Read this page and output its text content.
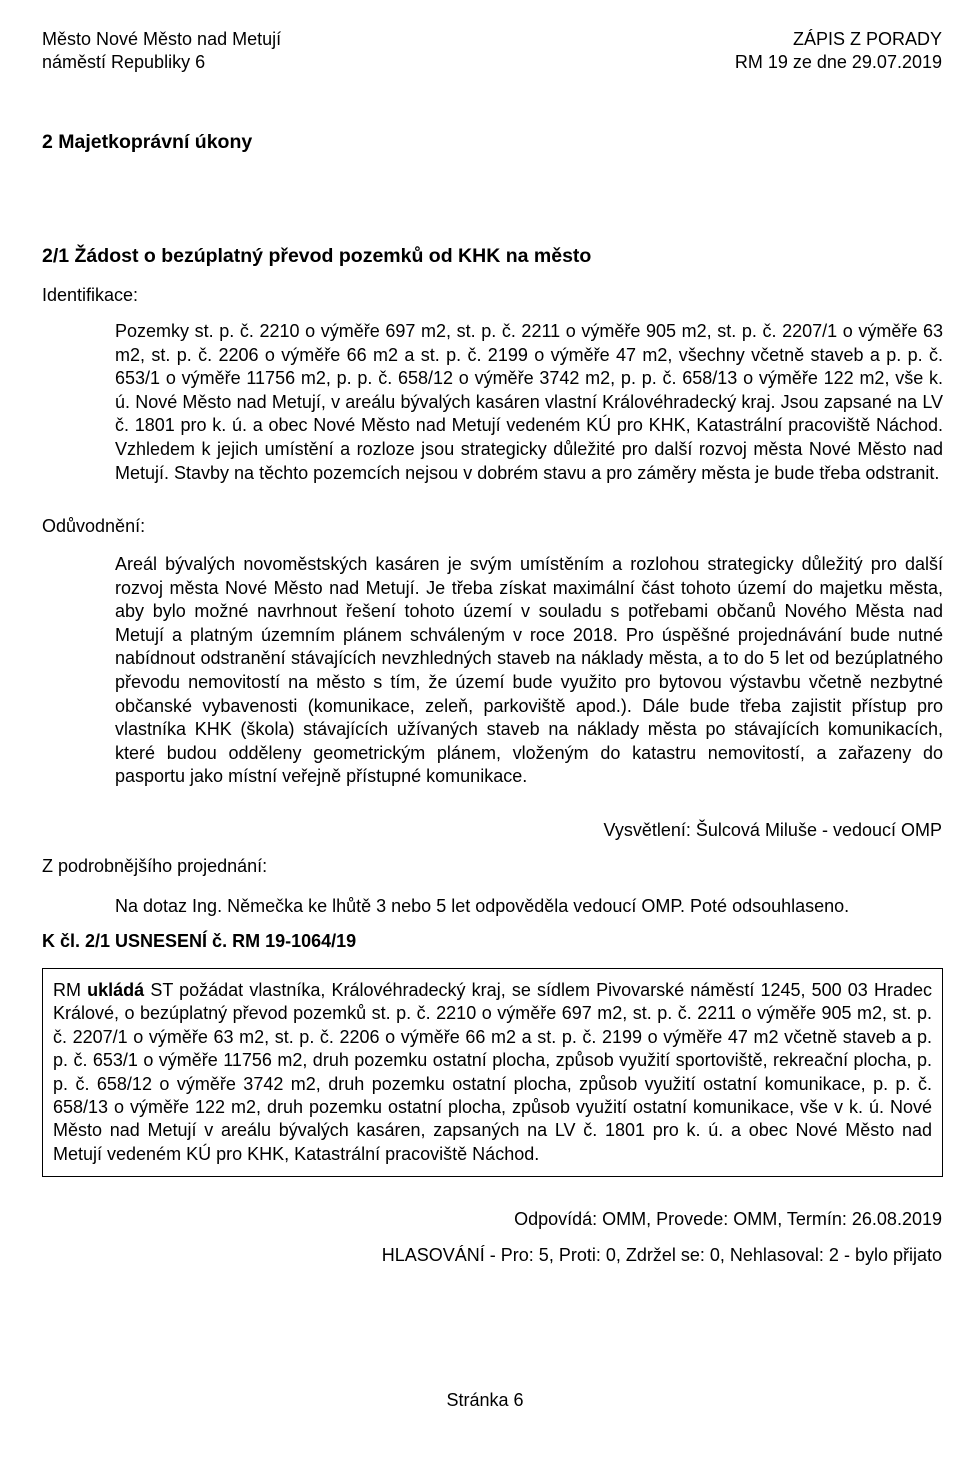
Město Nové Město nad Metují
náměstí Republiky 6
ZÁPIS Z PORADY
RM 19 ze dne 29.07.2019
2 Majetkoprávní úkony
2/1 Žádost o bezúplatný převod pozemků od KHK na město
Identifikace:

Pozemky st. p. č. 2210 o výměře 697 m2, st. p. č. 2211 o výměře 905 m2, st. p. č. 2207/1 o výměře 63 m2, st. p. č. 2206 o výměře 66 m2 a st. p. č. 2199 o výměře 47 m2, všechny včetně staveb a p. p. č. 653/1 o výměře 11756 m2, p. p. č. 658/12 o výměře 3742 m2, p. p. č. 658/13 o výměře 122 m2, vše k. ú. Nové Město nad Metují, v areálu bývalých kasáren vlastní Královéhradecký kraj. Jsou zapsané na LV č. 1801 pro k. ú. a obec Nové Město nad Metují vedeném KÚ pro KHK, Katastrální pracoviště Náchod. Vzhledem k jejich umístění a rozloze jsou strategicky důležité pro další rozvoj města Nové Město nad Metují. Stavby na těchto pozemcích nejsou v dobrém stavu a pro záměry města je bude třeba odstranit.

Odůvodnění:

Areál bývalých novoměstských kasáren je svým umístěním a rozlohou strategicky důležitý pro další rozvoj města Nové Město nad Metují. Je třeba získat maximální část tohoto území do majetku města, aby bylo možné navrhnout řešení tohoto území v souladu s potřebami občanů Nového Města nad Metují a platným územním plánem schváleným v roce 2018. Pro úspěšné projednávání bude nutné nabídnout odstranění stávajících nevzhledných staveb na náklady města, a to do 5 let od bezúplatného převodu nemovitostí na město s tím, že území bude využito pro bytovou výstavbu včetně nezbytné občanské vybavenosti (komunikace, zeleň, parkoviště apod.). Dále bude třeba zajistit přístup pro vlastníka KHK (škola) stávajících užívaných staveb na náklady města po stávajících komunikacích, které budou odděleny geometrickým plánem, vloženým do katastru nemovitostí, a zařazeny do pasportu jako místní veřejně přístupné komunikace.

Vysvětlení: Šulcová Miluše - vedoucí OMP
Z podrobnějšího projednání:

Na dotaz Ing. Němečka ke lhůtě 3 nebo 5 let odpověděla vedoucí OMP. Poté odsouhlaseno.

K čl. 2/1 USNESENÍ č. RM 19-1064/19
RM ukládá ST požádat vlastníka, Královéhradecký kraj, se sídlem Pivovarské náměstí 1245, 500 03 Hradec Králové, o bezúplatný převod pozemků st. p. č. 2210 o výměře 697 m2, st. p. č. 2211 o výměře 905 m2, st. p. č. 2207/1 o výměře 63 m2, st. p. č. 2206 o výměře 66 m2 a st. p. č. 2199 o výměře 47 m2 včetně staveb a p. p. č. 653/1 o výměře 11756 m2, druh pozemku ostatní plocha, způsob využití sportoviště, rekreační plocha, p. p. č. 658/12 o výměře 3742 m2, druh pozemku ostatní plocha, způsob využití ostatní komunikace, p. p. č. 658/13 o výměře 122 m2, druh pozemku ostatní plocha, způsob využití ostatní komunikace, vše v k. ú. Nové Město nad Metují v areálu bývalých kasáren, zapsaných na LV č. 1801 pro k. ú. a obec Nové Město nad Metují vedeném KÚ pro KHK, Katastrální pracoviště Náchod.
Odpovídá: OMM, Provede: OMM, Termín: 26.08.2019
HLASOVÁNÍ - Pro: 5, Proti: 0, Zdržel se: 0, Nehlasoval: 2 - bylo přijato
Stránka 6
